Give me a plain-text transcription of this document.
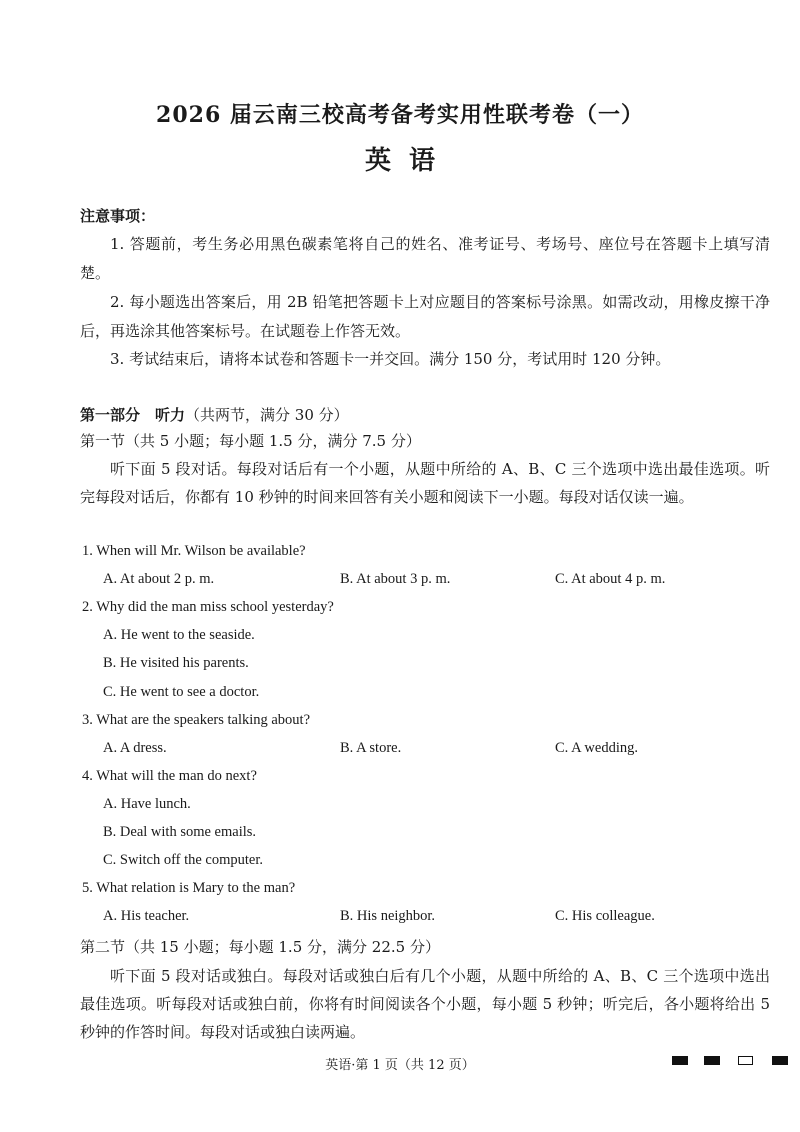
2026 届云南三校高考备考实用性联考卷（一）
英语
注意事项：
1. 答题前，考生务必用黑色碳素笔将自己的姓名、准考证号、考场号、座位号在答题卡上填写清楚。
2. 每小题选出答案后，用 2B 铅笔把答题卡上对应题目的答案标号涂黑。如需改动，用橡皮擦干净后，再选涂其他答案标号。在试题卷上作答无效。
3. 考试结束后，请将本试卷和答题卡一并交回。满分 150 分，考试用时 120 分钟。
第一部分　听力（共两节，满分 30 分）
第一节（共 5 小题；每小题 1.5 分，满分 7.5 分）
听下面 5 段对话。每段对话后有一个小题，从题中所给的 A、B、C 三个选项中选出最佳选项。听完每段对话后，你都有 10 秒钟的时间来回答有关小题和阅读下一小题。每段对话仅读一遍。
1. When will Mr. Wilson be available?
A. At about 2 p. m.	B. At about 3 p. m.	C. At about 4 p. m.
2. Why did the man miss school yesterday?
A. He went to the seaside.
B. He visited his parents.
C. He went to see a doctor.
3. What are the speakers talking about?
A. A dress.	B. A store.	C. A wedding.
4. What will the man do next?
A. Have lunch.
B. Deal with some emails.
C. Switch off the computer.
5. What relation is Mary to the man?
A. His teacher.	B. His neighbor.	C. His colleague.
第二节（共 15 小题；每小题 1.5 分，满分 22.5 分）
听下面 5 段对话或独白。每段对话或独白后有几个小题，从题中所给的 A、B、C 三个选项中选出最佳选项。听每段对话或独白前，你将有时间阅读各个小题，每小题 5 秒钟；听完后，各小题将给出 5 秒钟的作答时间。每段对话或独白读两遍。
英语·第 1 页（共 12 页）
